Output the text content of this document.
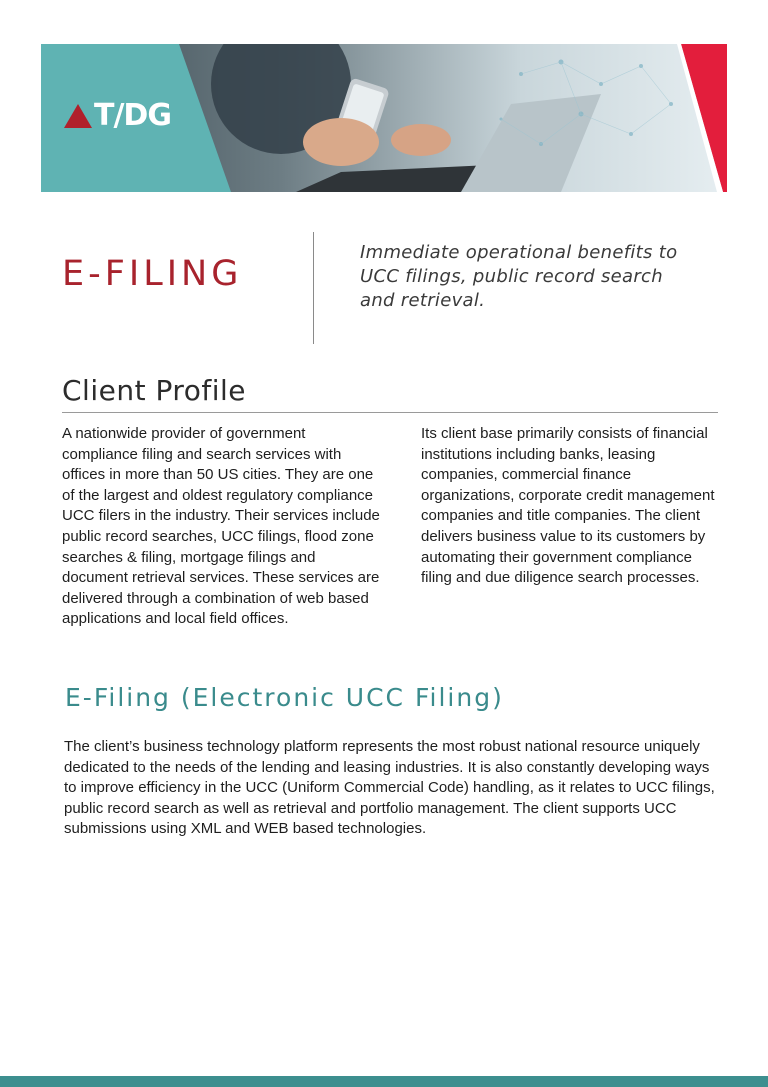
T/DG
E-FILING

Immediate operational benefits to UCC filings, public record search and retrieval.

Client Profile

A nationwide provider of government compliance filing and search services with offices in more than 50 US cities. They are one of the largest and oldest regulatory compliance UCC filers in the industry. Their services include public record searches, UCC filings, flood zone searches & filing, mortgage filings and document retrieval services. These services are delivered through a combination of web based applications and local field offices.

Its client base primarily consists of financial institutions including banks, leasing companies, commercial finance organizations, corporate credit management companies and title companies. The client delivers business value to its customers by automating their government compliance filing and due diligence search processes.

E-Filing (Electronic UCC Filing)

The client’s business technology platform represents the most robust national resource uniquely dedicated to the needs of the lending and leasing industries. It is also constantly developing ways to improve efficiency in the UCC (Uniform Commercial Code) handling, as it relates to UCC filings, public record search as well as retrieval and portfolio management. The client supports UCC submissions using XML and WEB based technologies.
